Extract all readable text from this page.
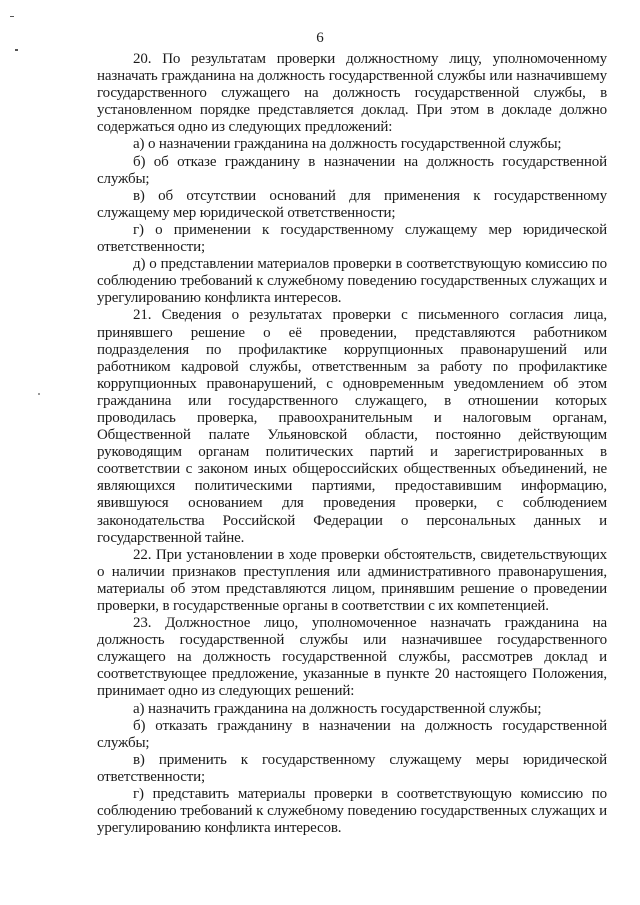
6

20. По результатам проверки должностному лицу, уполномоченному назначать гражданина на должность государственной службы или назначившему государственного служащего на должность государственной службы, в установленном порядке представляется доклад. При этом в докладе должно содержаться одно из следующих предложений:

а) о назначении гражданина на должность государственной службы;

б) об отказе гражданину в назначении на должность государственной службы;

в) об отсутствии оснований для применения к государственному служащему мер юридической ответственности;

г) о применении к государственному служащему мер юридической ответственности;

д) о представлении материалов проверки в соответствующую комиссию по соблюдению требований к служебному поведению государственных служащих и урегулированию конфликта интересов.

21. Сведения о результатах проверки с письменного согласия лица, принявшего решение о её проведении, представляются работником подразделения по профилактике коррупционных правонарушений или работником кадровой службы, ответственным за работу по профилактике коррупционных правонарушений, с одновременным уведомлением об этом гражданина или государственного служащего, в отношении которых проводилась проверка, правоохранительным и налоговым органам, Общественной палате Ульяновской области, постоянно действующим руководящим органам политических партий и зарегистрированных в соответствии с законом иных общероссийских общественных объединений, не являющихся политическими партиями, предоставившим информацию, явившуюся основанием для проведения проверки, с соблюдением законодательства Российской Федерации о персональных данных и государственной тайне.

22. При установлении в ходе проверки обстоятельств, свидетельствующих о наличии признаков преступления или административного правонарушения, материалы об этом представляются лицом, принявшим решение о проведении проверки, в государственные органы в соответствии с их компетенцией.

23. Должностное лицо, уполномоченное назначать гражданина на должность государственной службы или назначившее государственного служащего на должность государственной службы, рассмотрев доклад и соответствующее предложение, указанные в пункте 20 настоящего Положения, принимает одно из следующих решений:

а) назначить гражданина на должность государственной службы;

б) отказать гражданину в назначении на должность государственной службы;

в) применить к государственному служащему меры юридической ответственности;

г) представить материалы проверки в соответствующую комиссию по соблюдению требований к служебному поведению государственных служащих и урегулированию конфликта интересов.
